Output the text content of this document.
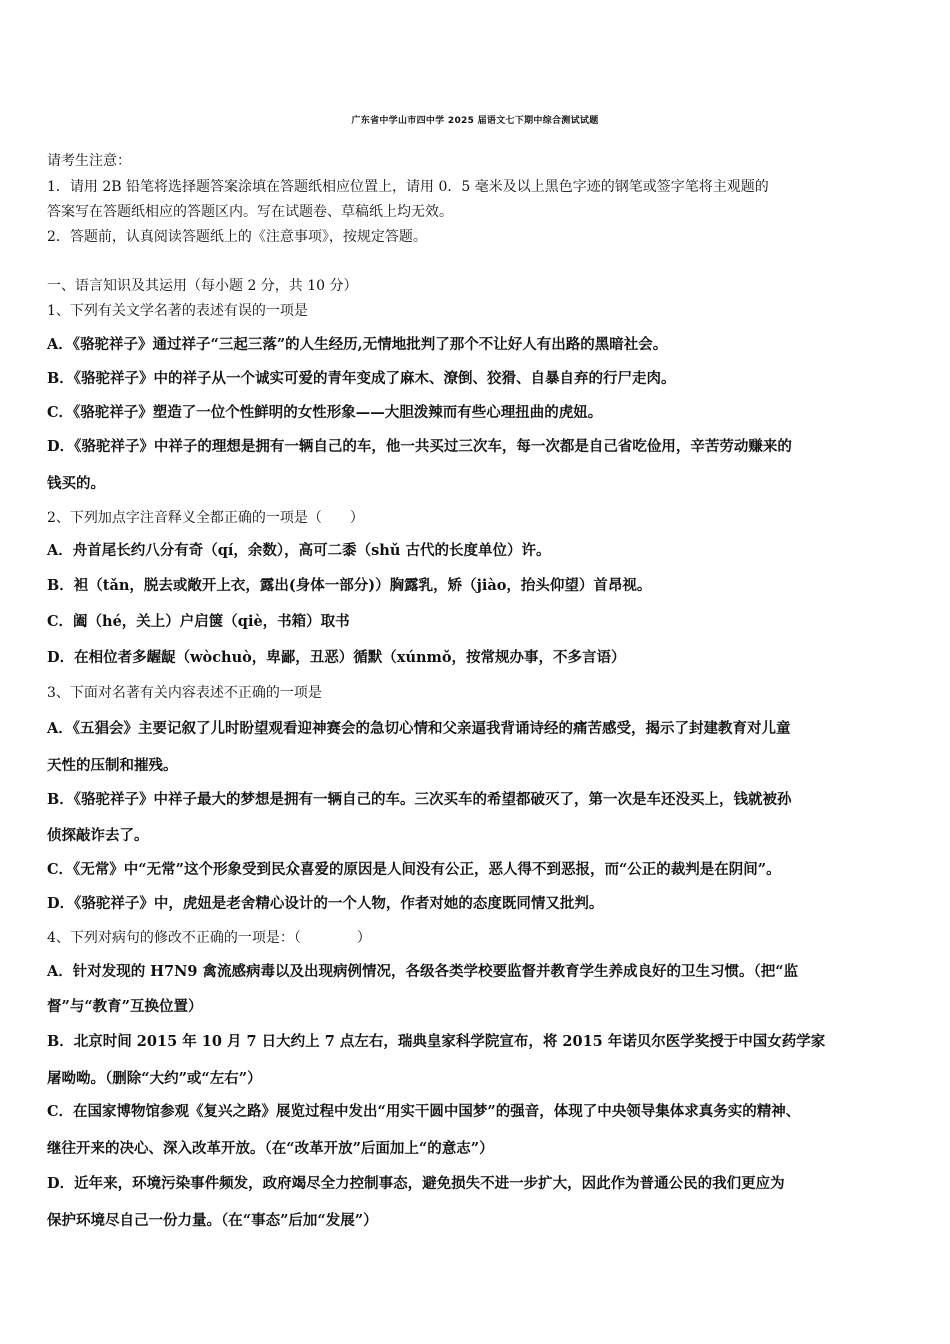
广东省中学山市四中学 2025 届语文七下期中综合测试试题
请考生注意：
1．请用 2B 铅笔将选择题答案涂填在答题纸相应位置上，请用 0．5 毫米及以上黑色字迹的钢笔或签字笔将主观题的
答案写在答题纸相应的答题区内。写在试题卷、草稿纸上均无效。
2．答题前，认真阅读答题纸上的《注意事项》，按规定答题。
一、语言知识及其运用（每小题 2 分，共 10 分）
1、下列有关文学名著的表述有误的一项是
A．《骆驼祥子》通过祥子“三起三落”的人生经历,无情地批判了那个不让好人有出路的黑暗社会。
B．《骆驼祥子》中的祥子从一个诚实可爱的青年变成了麻木、潦倒、狡猾、自暴自弃的行尸走肉。
C．《骆驼祥子》塑造了一位个性鲜明的女性形象——大胆泼辣而有些心理扭曲的虎妞。
D．《骆驼祥子》中祥子的理想是拥有一辆自己的车，他一共买过三次车，每一次都是自己省吃俭用，辛苦劳动赚来的
钱买的。
2、下列加点字注音释义全都正确的一项是（　　）
A．舟首尾长约八分有奇（qí，余数），高可二黍（shǔ 古代的长度单位）许。
B．袒（tǎn，脱去或敞开上衣，露出(身体一部分)）胸露乳，矫（jiào，抬头仰望）首昂视。
C．阖（hé，关上）户启箧（qiè，书箱）取书
D．在相位者多龌龊（wòchuò，卑鄙，丑恶）循默（xúnmǒ，按常规办事，不多言语）
3、下面对名著有关内容表述不正确的一项是
A．《五猖会》主要记叙了儿时盼望观看迎神赛会的急切心情和父亲逼我背诵诗经的痛苦感受，揭示了封建教育对儿童
天性的压制和摧残。
B．《骆驼祥子》中祥子最大的梦想是拥有一辆自己的车。三次买车的希望都破灭了，第一次是车还没买上，钱就被孙
侦探敲诈去了。
C．《无常》中“无常”这个形象受到民众喜爱的原因是人间没有公正，恶人得不到恶报，而“公正的裁判是在阴间”。
D．《骆驼祥子》中，虎妞是老舍精心设计的一个人物，作者对她的态度既同情又批判。
4、下列对病句的修改不正确的一项是：（　　　　）
A．针对发现的 H7N9 禽流感病毒以及出现病例情况，各级各类学校要监督并教育学生养成良好的卫生习惯。（把“监
督”与“教育”互换位置）
B．北京时间 2015 年 10 月 7 日大约上 7 点左右，瑞典皇家科学院宣布，将 2015 年诺贝尔医学奖授于中国女药学家
屠呦呦。（删除“大约”或“左右”）
C．在国家博物馆参观《复兴之路》展览过程中发出“用实干圆中国梦”的强音，体现了中央领导集体求真务实的精神、
继往开来的决心、深入改革开放。（在“改革开放”后面加上“的意志”）
D．近年来，环境污染事件频发，政府竭尽全力控制事态，避免损失不进一步扩大，因此作为普通公民的我们更应为
保护环境尽自己一份力量。（在“事态”后加“发展”）
